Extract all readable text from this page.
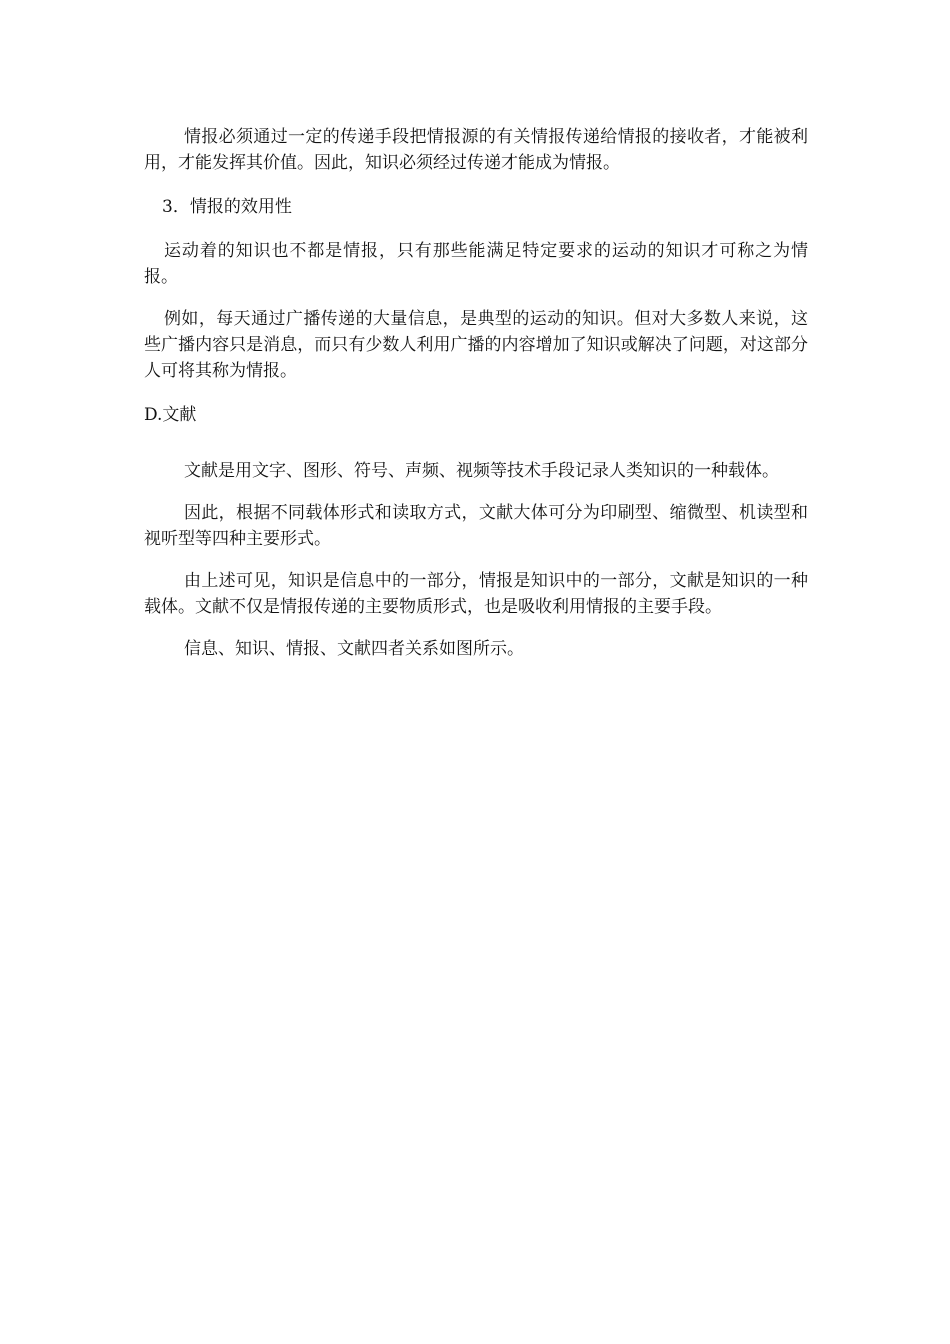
情报必须通过一定的传递手段把情报源的有关情报传递给情报的接收者，才能被利用，才能发挥其价值。因此，知识必须经过传递才能成为情报。

3．情报的效用性

运动着的知识也不都是情报，只有那些能满足特定要求的运动的知识才可称之为情报。

例如，每天通过广播传递的大量信息，是典型的运动的知识。但对大多数人来说，这些广播内容只是消息，而只有少数人利用广播的内容增加了知识或解决了问题，对这部分人可将其称为情报。

D.文献

文献是用文字、图形、符号、声频、视频等技术手段记录人类知识的一种载体。

因此，根据不同载体形式和读取方式，文献大体可分为印刷型、缩微型、机读型和视听型等四种主要形式。

由上述可见，知识是信息中的一部分，情报是知识中的一部分，文献是知识的一种载体。文献不仅是情报传递的主要物质形式，也是吸收利用情报的主要手段。

信息、知识、情报、文献四者关系如图所示。
